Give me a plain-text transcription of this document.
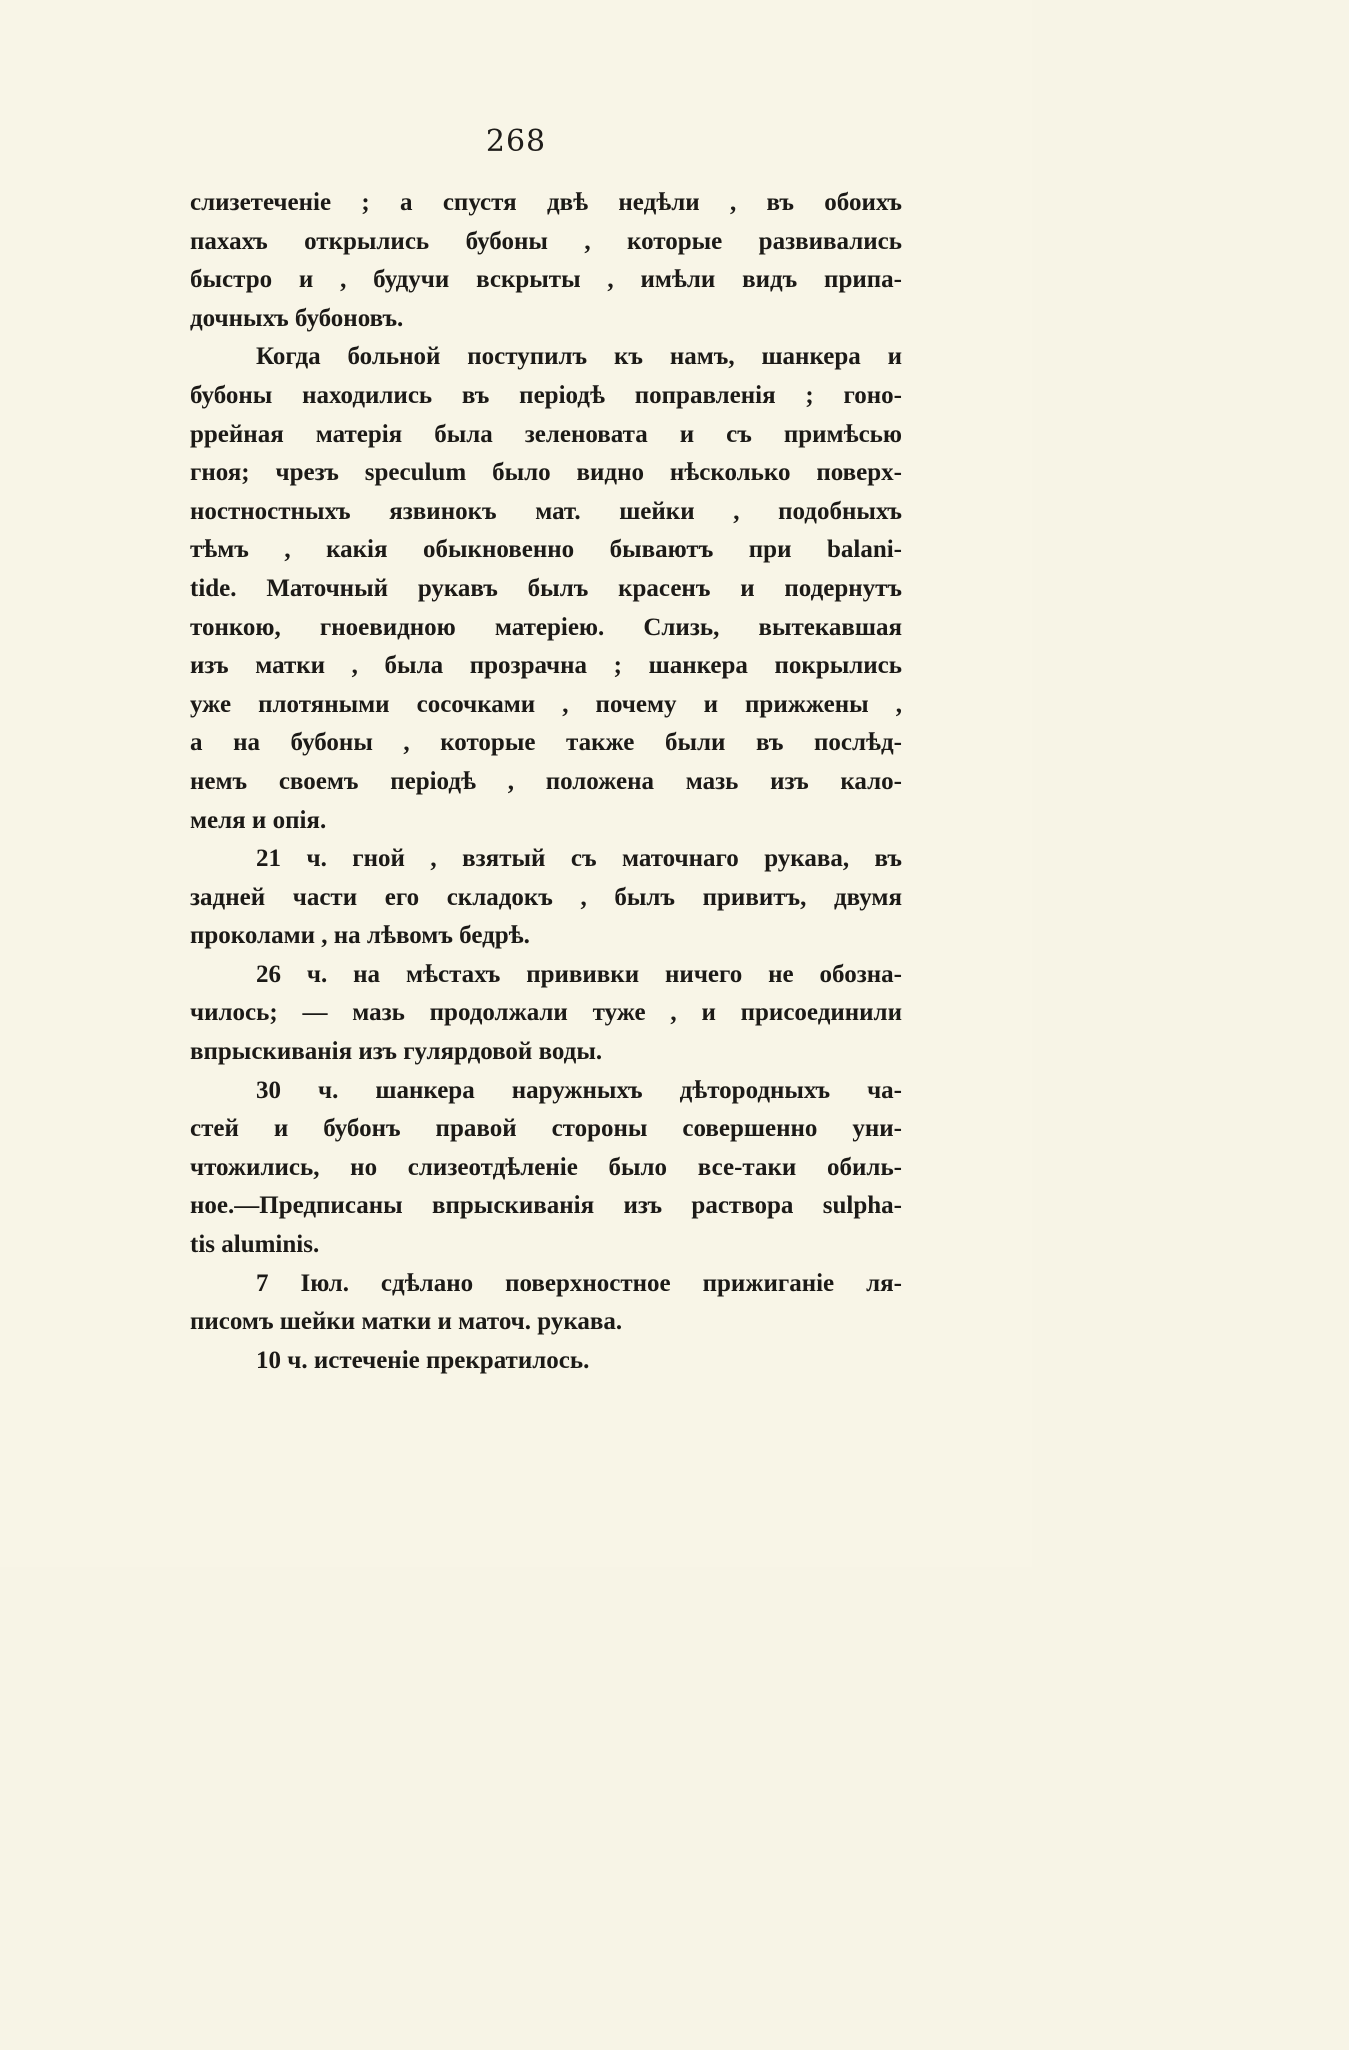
268
слизетеченіе ; а спустя двѣ недѣли , въ обоихъ
пахахъ открылись бубоны , которые развивались
быстро и , будучи вскрыты , имѣли видъ припа-
дочныхъ бубоновъ.
Когда больной поступилъ къ намъ, шанкера и
бубоны находились въ періодѣ поправленія ; гоно-
ррейная матерія была зеленовата и съ примѣсью
гноя; чрезъ speculum было видно нѣсколько поверх-
ностностныхъ язвинокъ мат. шейки , подобныхъ
тѣмъ , какія обыкновенно бываютъ при balani-
tide. Маточный рукавъ былъ красенъ и подернутъ
тонкою, гноевидною матеріею. Слизь, вытекавшая
изъ матки , была прозрачна ; шанкера покрылись
уже плотяными сосочками , почему и прижжены ,
а на бубоны , которые также были въ послѣд-
немъ своемъ періодѣ , положена мазь изъ кало-
меля и опія.
21 ч. гной , взятый съ маточнаго рукава, въ
задней части его складокъ , былъ привитъ, двумя
проколами , на лѣвомъ бедрѣ.
26 ч. на мѣстахъ прививки ничего не обозна-
чилось; — мазь продолжали туже , и присоединили
впрыскиванія изъ гулярдовой воды.
30 ч. шанкера наружныхъ дѣтородныхъ ча-
стей и бубонъ правой стороны совершенно уни-
чтожились, но слизеотдѣленіе было все-таки обиль-
ное.—Предписаны впрыскиванія изъ раствора sulpha-
tis aluminis.
7 Іюл. сдѣлано поверхностное прижиганіе ля-
писомъ шейки матки и маточ. рукава.
10 ч. истеченіе прекратилось.
